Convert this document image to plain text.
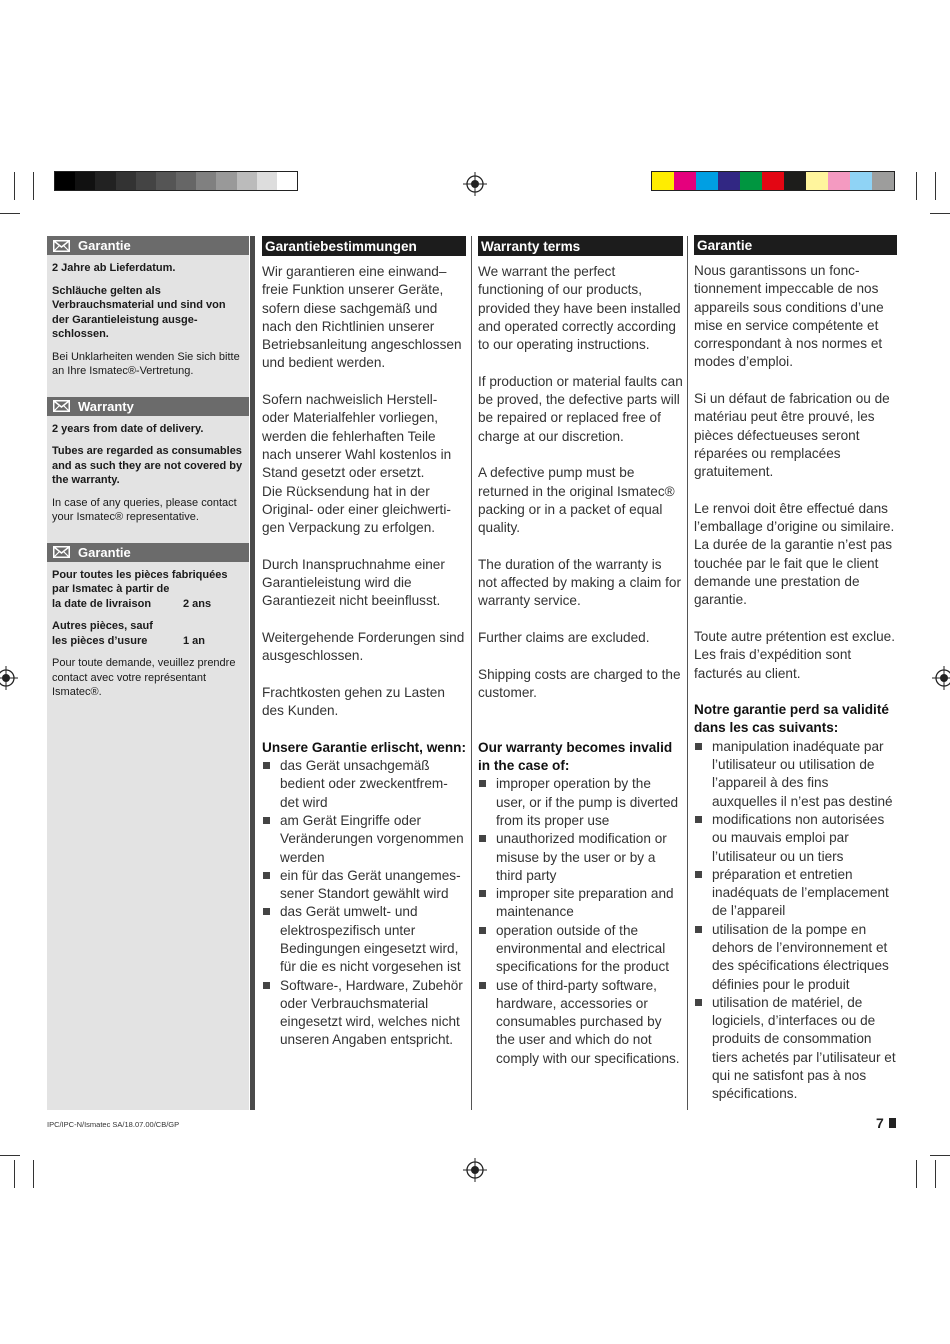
Garantie

2 Jahre ab Lieferdatum.

Schläuche gelten als Verbrauchsmaterial und sind von der Garantieleistung ausge- schlossen.

Bei Unklarheiten wenden Sie sich bitte an Ihre Ismatec®-Vertretung.

Warranty

2 years from date of delivery.

Tubes are regarded as consumables and as such they are not covered by the warranty.

In case of any queries, please contact your Ismatec® representative.

Garantie

Pour toutes les pièces fabriquées par Ismatec à partir de
la date de livraison	2 ans

Autres pièces, sauf
les pièces d’usure	1 an

Pour toute demande, veuillez prendre contact avec votre représentant Ismatec®.

Garantiebestimmungen

Wir garantieren eine einwand– freie Funktion unserer Geräte, sofern diese sachgemäß und nach den Richtlinien unserer Betriebsanleitung angeschlossen und bedient werden.

Sofern nachweislich Herstell- oder Materialfehler vorliegen, werden die fehlerhaften Teile nach unserer Wahl kostenlos in Stand gesetzt oder ersetzt.

Die Rücksendung hat in der Original- oder einer gleichwerti- gen Verpackung zu erfolgen.

Durch Inanspruchnahme einer Garantieleistung wird die Garantiezeit nicht beeinflusst.

Weitergehende Forderungen sind ausgeschlossen.

Frachtkosten gehen zu Lasten des Kunden.

Unsere Garantie erlischt, wenn:

das Gerät unsachgemäß bedient oder zweckentfrem- det wird
am Gerät Eingriffe oder Veränderungen vorgenommen werden
ein für das Gerät unangemes- sener Standort gewählt wird
das Gerät umwelt- und elektrospezifisch unter Bedingungen eingesetzt wird, für die es nicht vorgesehen ist
Software-, Hardware, Zubehör oder Verbrauchsmaterial eingesetzt wird, welches nicht unseren Angaben entspricht.
Warranty terms

We warrant the perfect functioning of our products, provided they have been installed and operated correctly according to our operating instructions.

If production or material faults can be proved, the defective parts will be repaired or replaced free of charge at our discretion.

A defective pump must be returned in the original Ismatec® packing or in a packet of equal quality.

The duration of the warranty is not affected by making a claim for warranty service.

Further claims are excluded.

Shipping costs are charged to the customer.

Our warranty becomes invalid in the case of:

improper operation by the user, or if the pump is diverted from its proper use
unauthorized modification or misuse by the user or by a third party
improper site preparation and maintenance
operation outside of the environmental and electrical specifications for the product
use of third-party software, hardware, accessories or consumables purchased by the user and which do not comply with our specifications.
Garantie

Nous garantissons un fonc- tionnement impeccable de nos appareils sous conditions d’une mise en service compétente et correspondant à nos normes et modes d’emploi.

Si un défaut de fabrication ou de matériau peut être prouvé, les pièces défectueuses seront réparées ou remplacées gratuitement.

Le renvoi doit être effectué dans l’emballage d’origine ou similaire. La durée de la garantie n’est pas touchée par le fait que le client demande une prestation de garantie.

Toute autre prétention est exclue. Les frais d’expédition sont facturés au client.

Notre garantie perd sa validité dans les cas suivants:

manipulation inadéquate par l’utilisateur ou utilisation de l’appareil à des fins auxquelles il n’est pas destiné
modifications non autorisées ou mauvais emploi par l’utilisateur ou un tiers
préparation et entretien inadéquats de l’emplacement de l’appareil
utilisation de la pompe en dehors de l’environnement et des spécifications électriques définies pour le produit
utilisation de matériel, de logiciels, d’interfaces ou de produits de consommation tiers achetés par l’utilisateur et qui ne satisfont pas à nos spécifications.
IPC/IPC-N/Ismatec SA/18.07.00/CB/GP	7
